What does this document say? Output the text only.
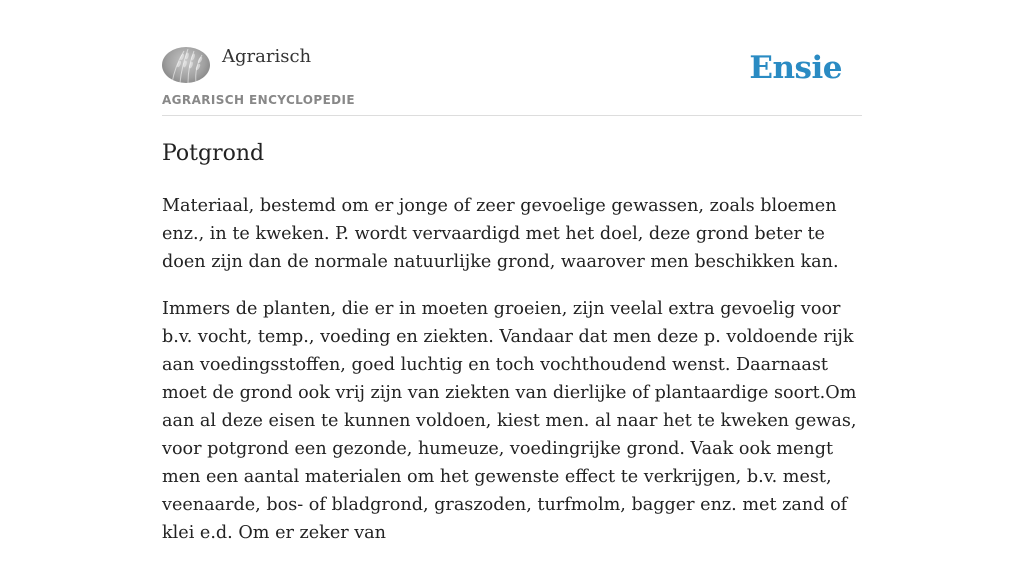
Agrarisch
AGRARISCH ENCYCLOPEDIE
Ensie
Potgrond

Materiaal, bestemd om er jonge of zeer gevoelige gewassen, zoals bloemen enz., in te kweken. P. wordt vervaardigd met het doel, deze grond beter te doen zijn dan de normale natuurlijke grond, waarover men beschikken kan.

Immers de planten, die er in moeten groeien, zijn veelal extra gevoelig voor b.v. vocht, temp., voeding en ziekten. Vandaar dat men deze p. voldoende rijk aan voedingsstoffen, goed luchtig en toch vochthoudend wenst. Daarnaast moet de grond ook vrij zijn van ziekten van dierlijke of plantaardige soort.Om aan al deze eisen te kunnen voldoen, kiest men. al naar het te kweken gewas, voor potgrond een gezonde, humeuze, voedingrijke grond. Vaak ook mengt men een aantal materialen om het gewenste effect te verkrijgen, b.v. mest, veenaarde, bos- of bladgrond, graszoden, turfmolm, bagger enz. met zand of klei e.d. Om er zeker van
